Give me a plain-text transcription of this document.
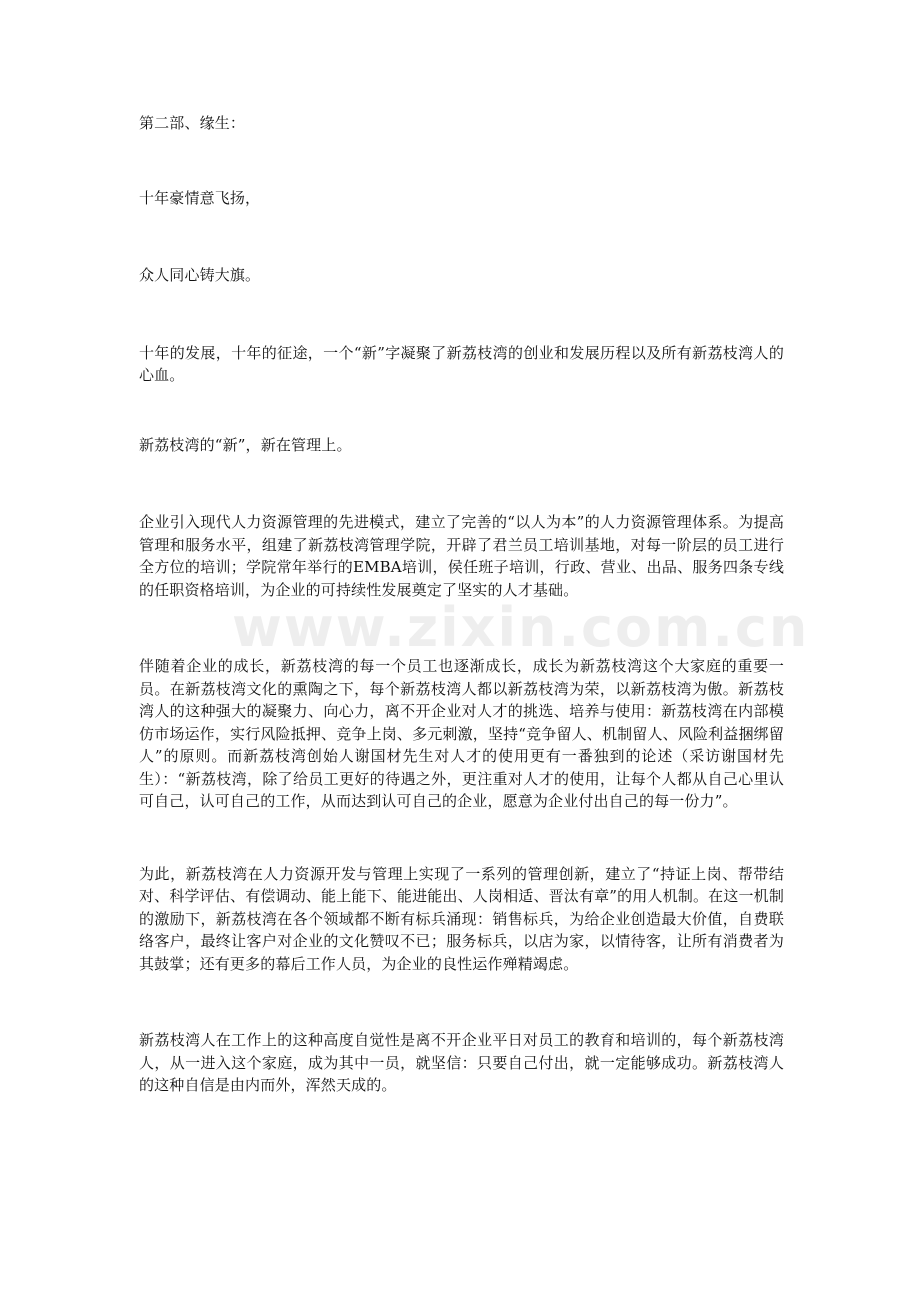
第二部、缘生：

十年豪情意飞扬，

众人同心铸大旗。

十年的发展，十年的征途，一个“新”字凝聚了新荔枝湾的创业和发展历程以及所有新荔枝湾人的心血。

新荔枝湾的“新”，新在管理上。

企业引入现代人力资源管理的先进模式，建立了完善的“以人为本”的人力资源管理体系。为提高管理和服务水平，组建了新荔枝湾管理学院，开辟了君兰员工培训基地，对每一阶层的员工进行全方位的培训；学院常年举行的EMBA培训，侯任班子培训，行政、营业、出品、服务四条专线的任职资格培训，为企业的可持续性发展奠定了坚实的人才基础。

伴随着企业的成长，新荔枝湾的每一个员工也逐渐成长，成长为新荔枝湾这个大家庭的重要一员。在新荔枝湾文化的熏陶之下，每个新荔枝湾人都以新荔枝湾为荣，以新荔枝湾为傲。新荔枝湾人的这种强大的凝聚力、向心力，离不开企业对人才的挑选、培养与使用：新荔枝湾在内部模仿市场运作，实行风险抵押、竞争上岗、多元刺激，坚持“竞争留人、机制留人、风险利益捆绑留人”的原则。而新荔枝湾创始人谢国材先生对人才的使用更有一番独到的论述（采访谢国材先生）：“新荔枝湾，除了给员工更好的待遇之外，更注重对人才的使用，让每个人都从自己心里认可自己，认可自己的工作，从而达到认可自己的企业，愿意为企业付出自己的每一份力”。

为此，新荔枝湾在人力资源开发与管理上实现了一系列的管理创新，建立了“持证上岗、帮带结对、科学评估、有偿调动、能上能下、能进能出、人岗相适、晋汰有章”的用人机制。在这一机制的激励下，新荔枝湾在各个领域都不断有标兵涌现：销售标兵，为给企业创造最大价值，自费联络客户，最终让客户对企业的文化赞叹不已；服务标兵，以店为家，以情待客，让所有消费者为其鼓掌；还有更多的幕后工作人员，为企业的良性运作殚精竭虑。

新荔枝湾人在工作上的这种高度自觉性是离不开企业平日对员工的教育和培训的，每个新荔枝湾人，从一进入这个家庭，成为其中一员，就坚信：只要自己付出，就一定能够成功。新荔枝湾人的这种自信是由内而外，浑然天成的。

www.zixin.com.cn
